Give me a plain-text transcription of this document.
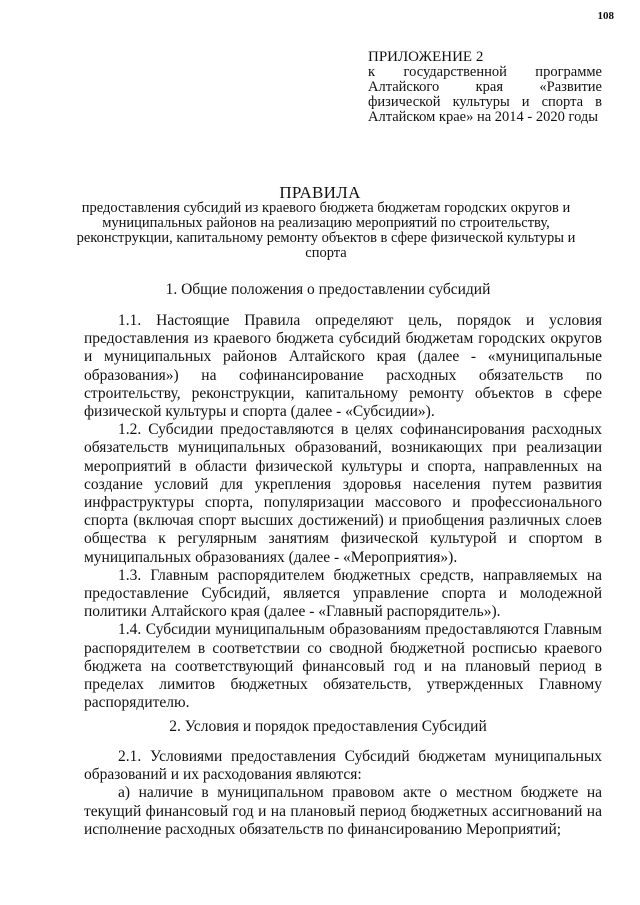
108
ПРИЛОЖЕНИЕ 2
к государственной программе Алтайского края «Развитие физической культуры и спорта в Алтайском крае» на 2014 - 2020 годы
ПРАВИЛА
предоставления субсидий из краевого бюджета бюджетам городских округов и муниципальных районов на реализацию мероприятий по строительству, реконструкции, капитальному ремонту объектов в сфере физической культуры и спорта
1. Общие положения о предоставлении субсидий

1.1. Настоящие Правила определяют цель, порядок и условия предоставления из краевого бюджета субсидий бюджетам городских округов и муниципальных районов Алтайского края (далее - «муниципальные образования») на софинансирование расходных обязательств по строительству, реконструкции, капитальному ремонту объектов в сфере физической культуры и спорта (далее - «Субсидии»).

1.2. Субсидии предоставляются в целях софинансирования расходных обязательств муниципальных образований, возникающих при реализации мероприятий в области физической культуры и спорта, направленных на создание условий для укрепления здоровья населения путем развития инфраструктуры спорта, популяризации массового и профессионального спорта (включая спорт высших достижений) и приобщения различных слоев общества к регулярным занятиям физической культурой и спортом в муниципальных образованиях (далее - «Мероприятия»).

1.3. Главным распорядителем бюджетных средств, направляемых на предоставление Субсидий, является управление спорта и молодежной политики Алтайского края (далее - «Главный распорядитель»).

1.4. Субсидии муниципальным образованиям предоставляются Главным распорядителем в соответствии со сводной бюджетной росписью краевого бюджета на соответствующий финансовый год и на плановый период в пределах лимитов бюджетных обязательств, утвержденных Главному распорядителю.

2. Условия и порядок предоставления Субсидий

2.1. Условиями предоставления Субсидий бюджетам муниципальных образований и их расходования являются:

а) наличие в муниципальном правовом акте о местном бюджете на текущий финансовый год и на плановый период бюджетных ассигнований на исполнение расходных обязательств по финансированию Мероприятий;
